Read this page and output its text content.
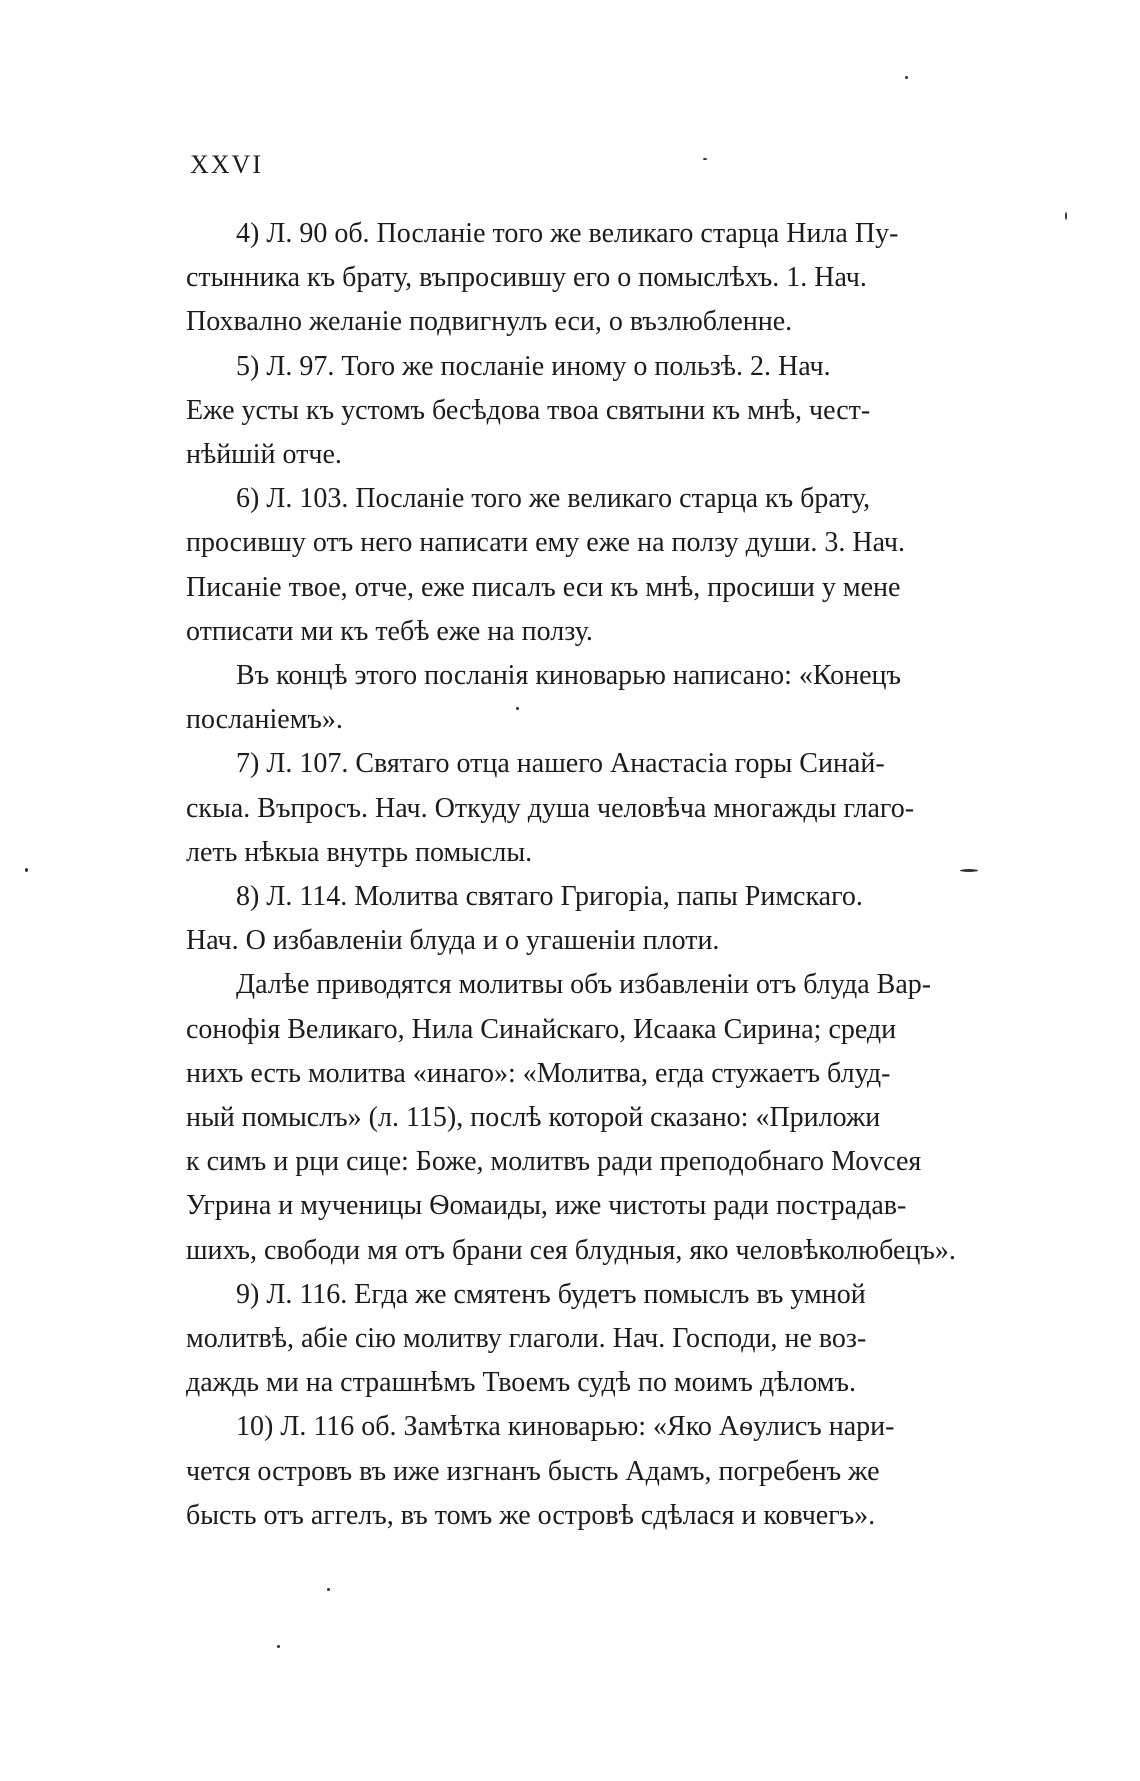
XXVI
4) Л. 90 об. Посланіе того же великаго старца Нила Пу-
стынника къ брату, въпросившу его о помыслѣхъ. 1. Нач.
Похвално желаніе подвигнулъ еси, о възлюбленне.
5) Л. 97. Того же посланіе иному о пользѣ. 2. Нач.
Еже усты къ устомъ бесѣдова твоа святыни къ мнѣ, чест-
нѣйшій отче.
6) Л. 103. Посланіе того же великаго старца къ брату,
просившу отъ него написати ему еже на ползу души. 3. Нач.
Писаніе твое, отче, еже писалъ еси къ мнѣ, просиши у мене
отписати ми къ тебѣ еже на ползу.
Въ концѣ этого посланія киноварью написано: «Конецъ
посланіемъ».
7) Л. 107. Святаго отца нашего Анастасіа горы Синай-
скыа. Въпросъ. Нач. Откуду душа человѣча многажды глаго-
леть нѣкыа внутрь помыслы.
8) Л. 114. Молитва святаго Григоріа, папы Римскаго.
Нач. О избавленіи блуда и о угашеніи плоти.
Далѣе приводятся молитвы объ избавленіи отъ блуда Вар-
сонофія Великаго, Нила Синайскаго, Исаака Сирина; среди
нихъ есть молитва «инаго»: «Молитва, егда стужаетъ блуд-
ный помыслъ» (л. 115), послѣ которой сказано: «Приложи
к симъ и рци сице: Боже, молитвъ ради преподобнаго Моvсея
Угрина и мученицы Ѳомаиды, иже чистоты ради пострадав-
шихъ, свободи мя отъ брани сея блудныя, яко человѣколюбецъ».
9) Л. 116. Егда же смятенъ будетъ помыслъ въ умной
молитвѣ, абіе сію молитву глаголи. Нач. Господи, не воз-
даждь ми на страшнѣмъ Твоемъ судѣ по моимъ дѣломъ.
10) Л. 116 об. Замѣтка киноварью: «Яко Аѳулисъ нари-
чется островъ въ иже изгнанъ бысть Адамъ, погребенъ же
бысть отъ аггелъ, въ томъ же островѣ сдѣлася и ковчегъ».
